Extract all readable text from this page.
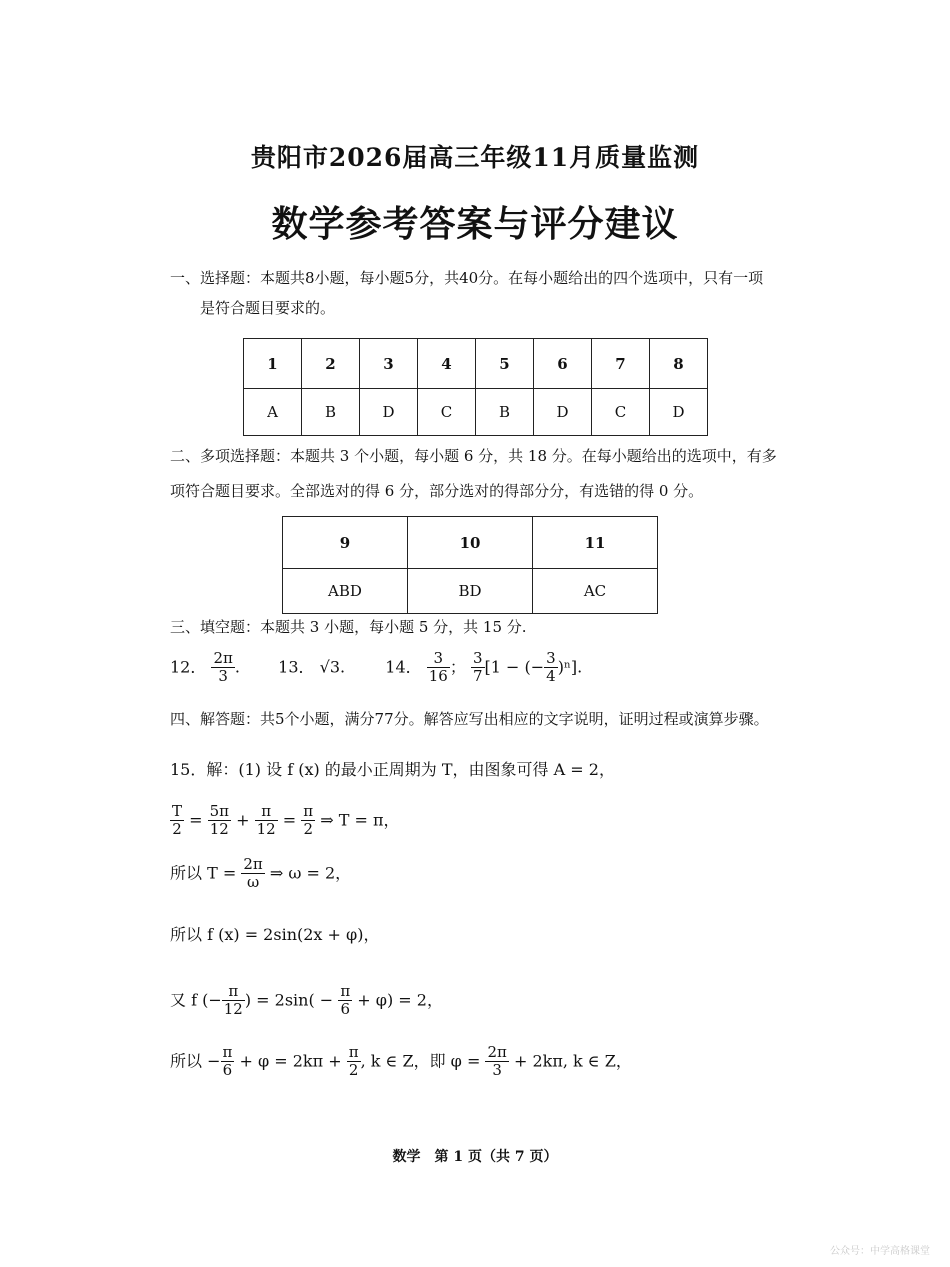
贵阳市2026届高三年级11月质量监测
数学参考答案与评分建议
一、选择题：本题共8小题，每小题5分，共40分。在每小题给出的四个选项中，只有一项
是符合题目要求的。
1	2	3	4	5	6	7	8
A	B	D	C	B	D	C	D
二、多项选择题：本题共 3 个小题，每小题 6 分，共 18 分。在每小题给出的选项中，有多
项符合题目要求。全部选对的得 6 分，部分选对的得部分分，有选错的得 0 分。
9	10	11
ABD	BD	AC
三、填空题：本题共 3 小题，每小题 5 分，共 15 分.
12． $\frac{2\pi}{3}$ . 13． √3.	14． $\frac{3}{16}$ ； $\frac{3}{7} [1$ − (− $\frac{3}{4} )^n$].
四、解答题：共5个小题，满分77分。解答应写出相应的文字说明，证明过程或演算步骤。
15．解：(1) 设 f (x) 的最小正周期为 T，由图象可得 A = 2，
$\frac{T}{2} = \frac{5\pi}{12} + \frac{\pi}{12} = \frac{\pi}{2}$ ⇒ T = π，
所以 $T = \frac{2\pi}{\omega}$ ⇒ ω = 2，
所以 f (x) = 2sin(2x + φ)，
又 f (− $\frac{\pi}{12}$ ) = $2\sin( - \frac{\pi}{6} + \varphi) = 2$，
所以 − $\frac{\pi}{6} + \varphi = 2k\pi + \frac{\pi}{2}$ , k ∈ Z，即 $\varphi = \frac{2\pi}{3} + 2k\pi$, k ∈ Z，
数学　第 1 页（共 7 页）
公众号：中学高格课堂
